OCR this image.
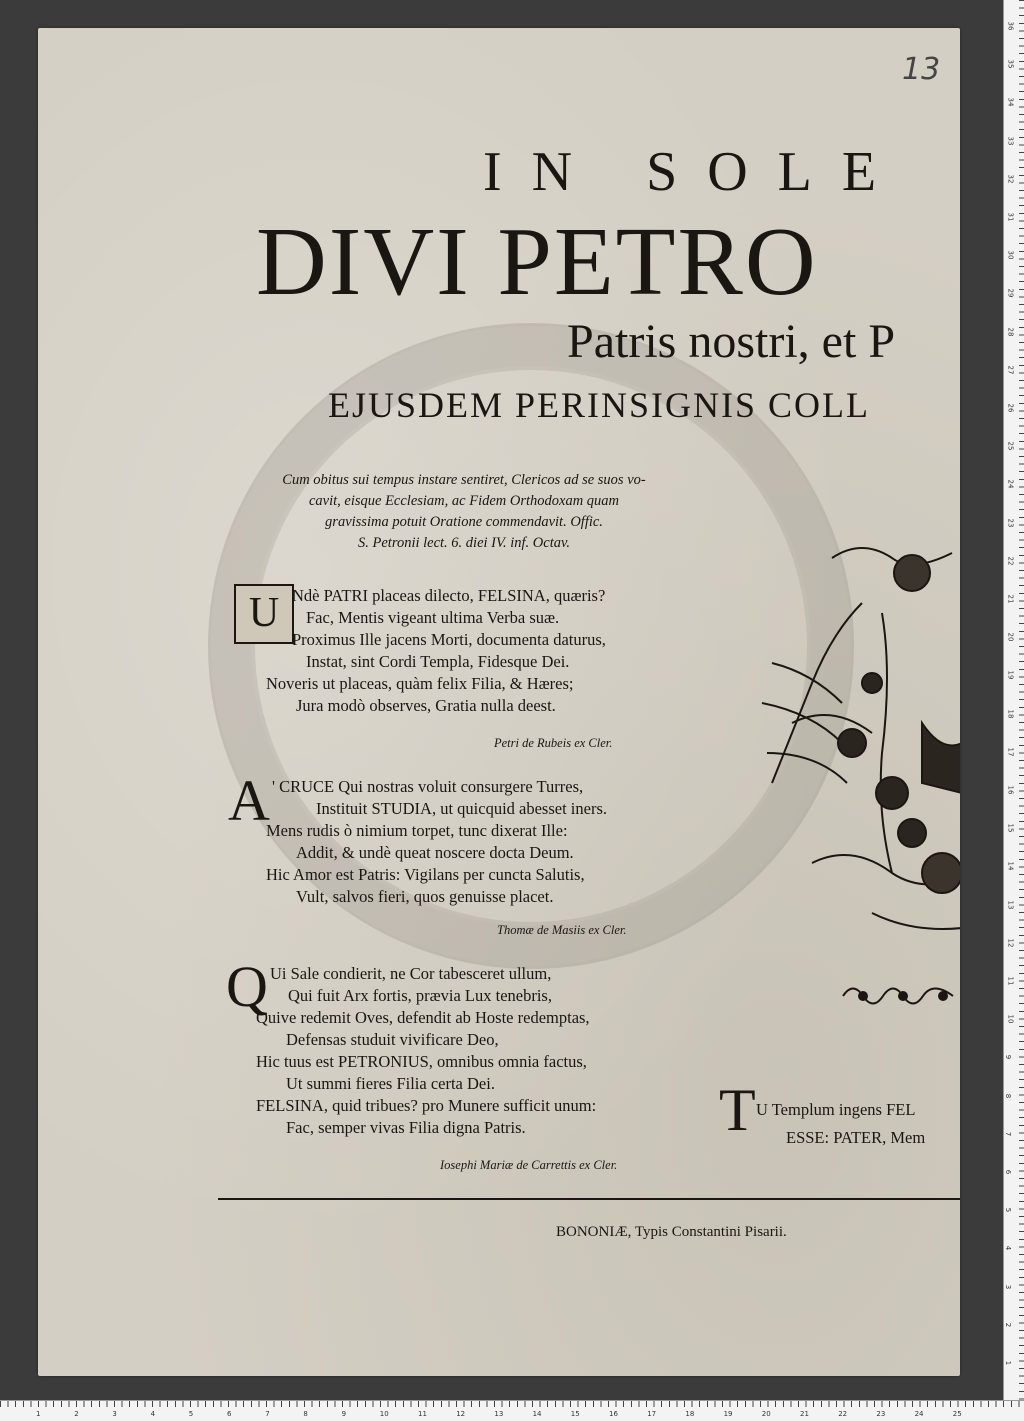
13
IN SOLE
DIVI PETRO
Patris nostri, et P
EJUSDEM PERINSIGNIS COLL
Cum obitus sui tempus instare sentiret, Clericos ad se suos vo-
cavit, eisque Ecclesiam, ac Fidem Orthodoxam quam
gravissima potuit Oratione commendavit. Offic.
S. Petronii lect. 6. diei IV. inf. Octav.
U Ndè PATRI placeas dilecto, FELSINA, quæris?
Fac, Mentis vigeant ultima Verba suæ.
Proximus Ille jacens Morti, documenta daturus,
Instat, sint Cordi Templa, Fidesque Dei.
Noveris ut placeas, quàm felix Filia, & Hæres;
Jura modò observes, Gratia nulla deest.
Petri de Rubeis ex Cler.
A ' CRUCE Qui nostras voluit consurgere Turres,
Instituit STUDIA, ut quicquid abesset iners.
Mens rudis ò nimium torpet, tunc dixerat Ille:
Addit, & undè queat noscere docta Deum.
Hic Amor est Patris: Vigilans per cuncta Salutis,
Vult, salvos fieri, quos genuisse placet.
Thomæ de Masiis ex Cler.
Q Ui Sale condierit, ne Cor tabesceret ullum,
Qui fuit Arx fortis, prævia Lux tenebris,
Quive redemit Oves, defendit ab Hoste redemptas,
Defensas studuit vivificare Deo,
Hic tuus est PETRONIUS, omnibus omnia factus,
Ut summi fieres Filia certa Dei.
FELSINA, quid tribues? pro Munere sufficit unum:
Fac, semper vivas Filia digna Patris.
Iosephi Mariæ de Carrettis ex Cler.
T U Templum ingens FEL
ESSE: PATER, Mem
BONONIÆ, Typis Constantini Pisarii.
36
35
34
33
32
31
30
29
28
27
26
25
24
23
22
21
20
19
18
17
16
15
14
13
12
11
10
9
8
7
6
5
4
3
2
1
1	2	3	4	5	6	7	8	9	10	11	12	13	14	15	16	17	18	19	20	21	22	23	24	25
